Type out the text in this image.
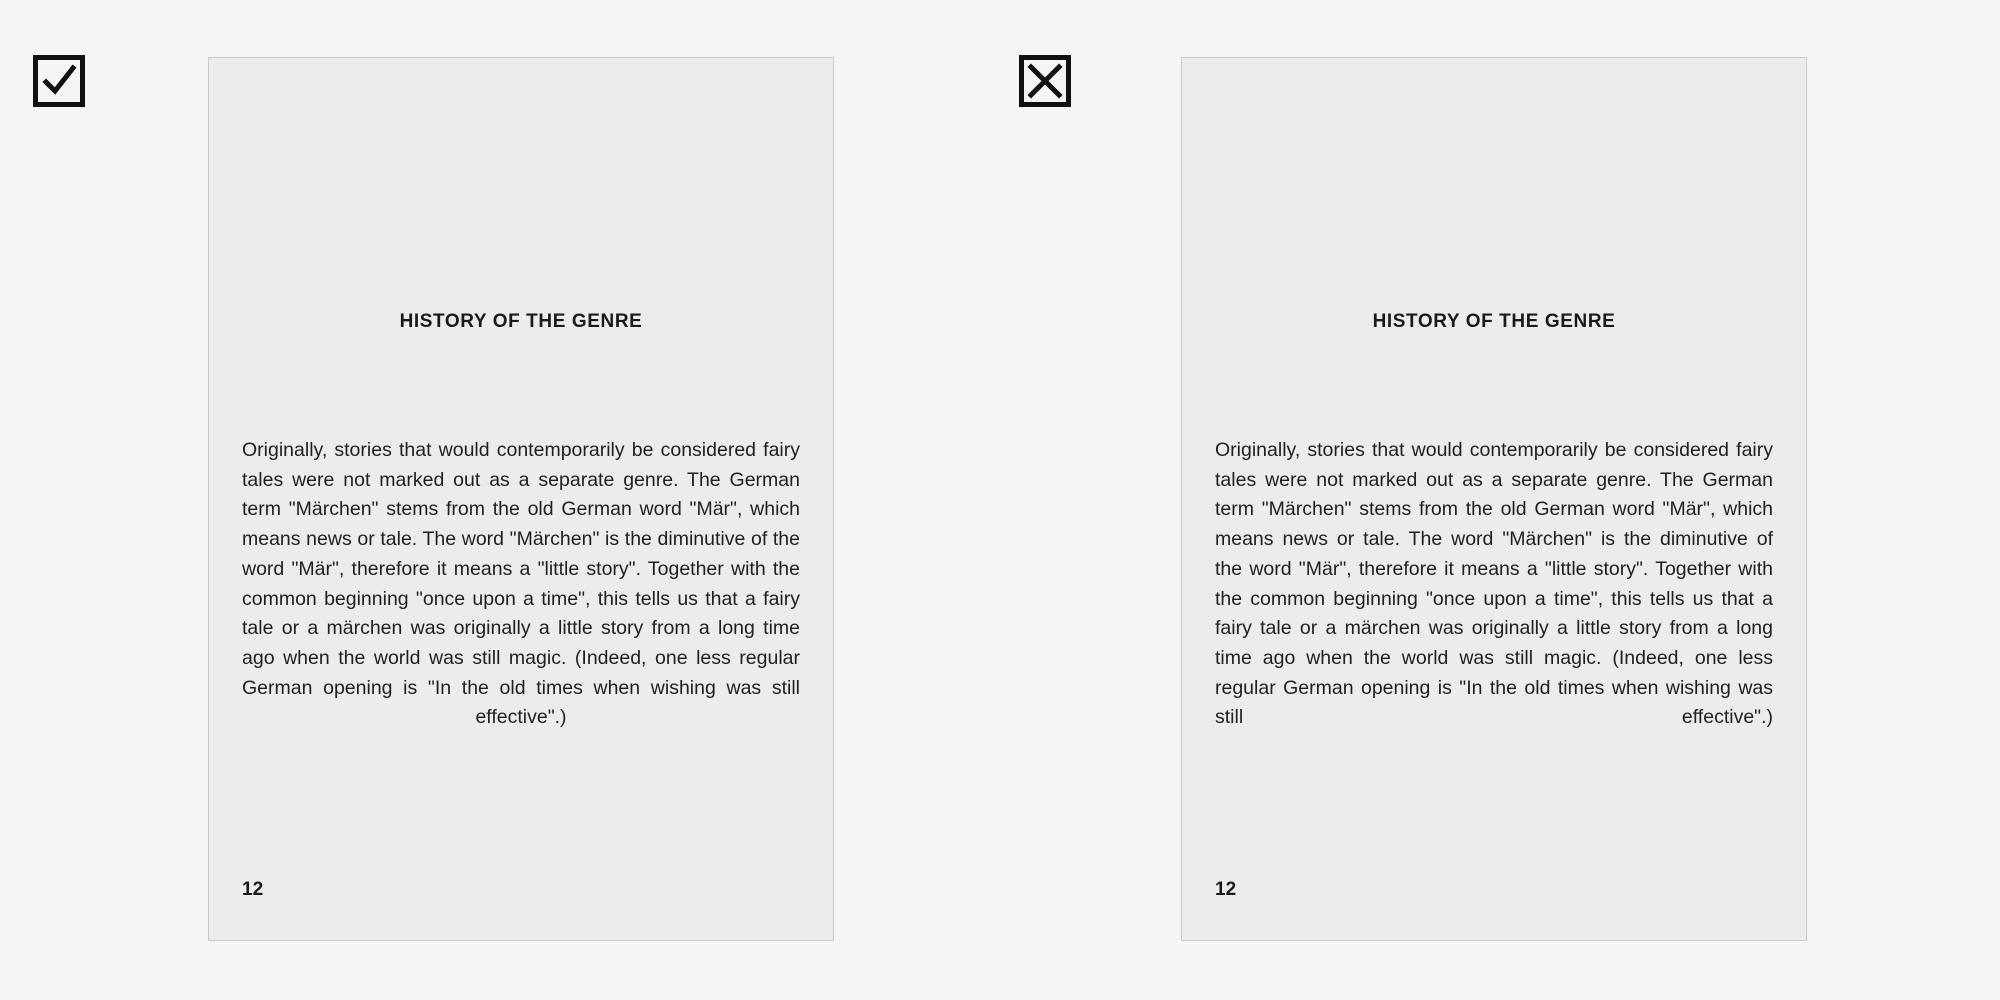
HISTORY OF THE GENRE
Originally, stories that would contemporarily be considered fairy tales were not marked out as a separate genre. The German term "Märchen" stems from the old German word "Mär", which means news or tale. The word "Märchen" is the diminutive of the word "Mär", therefore it means a "little story". Together with the common beginning "once upon a time", this tells us that a fairy tale or a märchen was originally a little story from a long time ago when the world was still magic. (Indeed, one less regular German opening is "In the old times when wishing was still effective".)
12
HISTORY OF THE GENRE
Originally, stories that would contemporarily be considered fairy tales were not marked out as a separate genre. The German term "Märchen" stems from the old German word "Mär", which means news or tale. The word "Märchen" is the diminutive of the word "Mär", therefore it means a "little story". Together with the common beginning "once upon a time", this tells us that a fairy tale or a märchen was originally a little story from a long time ago when the world was still magic. (Indeed, one less regular German opening is "In the old times when wishing was still effective".)
12
